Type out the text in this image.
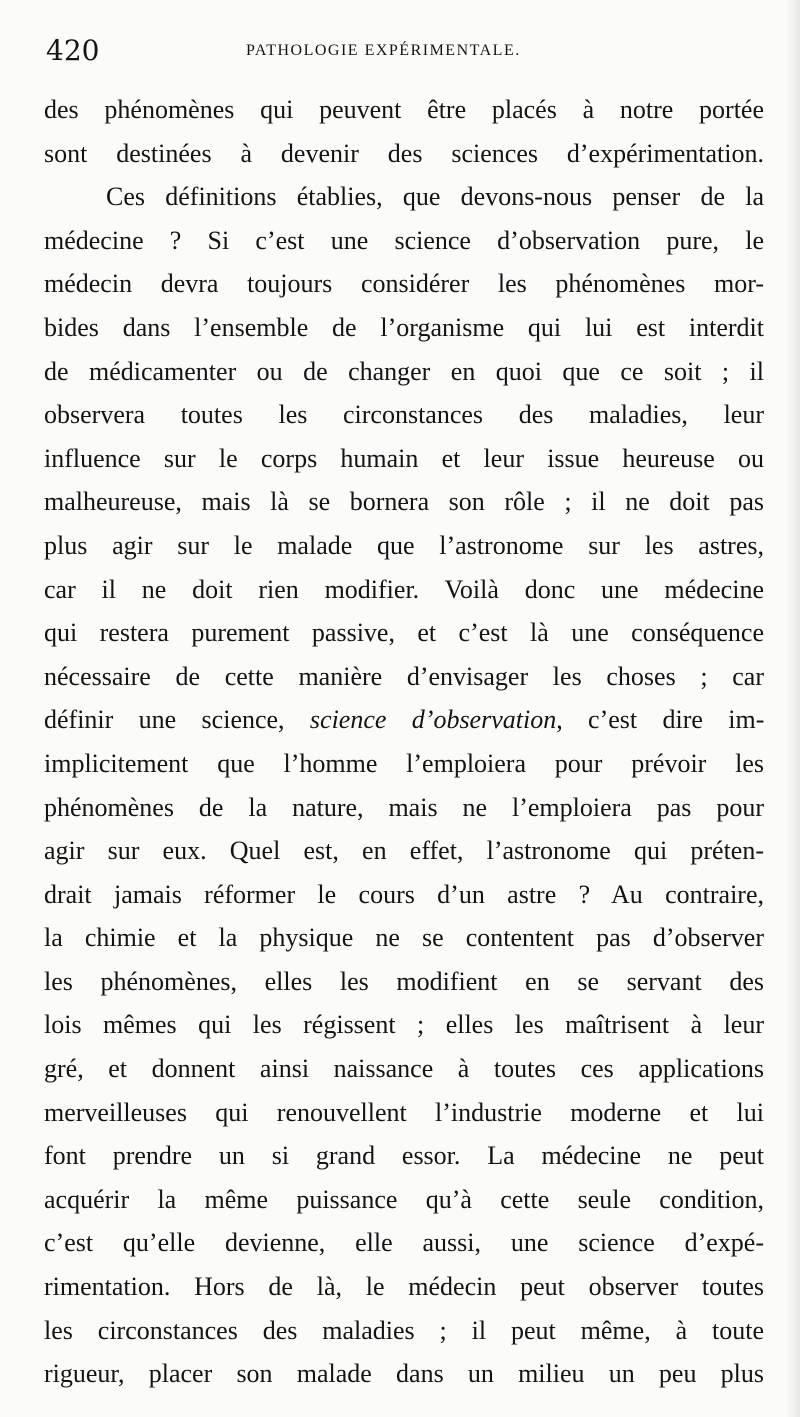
420	PATHOLOGIE EXPÉRIMENTALE.
des phénomènes qui peuvent être placés à notre portée
sont destinées à devenir des sciences d’expérimentation.
Ces définitions établies, que devons-nous penser de la
médecine ? Si c’est une science d’observation pure, le
médecin devra toujours considérer les phénomènes mor-
bides dans l’ensemble de l’organisme qui lui est interdit
de médicamenter ou de changer en quoi que ce soit ; il
observera toutes les circonstances des maladies, leur
influence sur le corps humain et leur issue heureuse ou
malheureuse, mais là se bornera son rôle ; il ne doit pas
plus agir sur le malade que l’astronome sur les astres,
car il ne doit rien modifier. Voilà donc une médecine
qui restera purement passive, et c’est là une conséquence
nécessaire de cette manière d’envisager les choses ; car
définir une science, science d’observation, c’est dire im-
implicitement que l’homme l’emploiera pour prévoir les
phénomènes de la nature, mais ne l’emploiera pas pour
agir sur eux. Quel est, en effet, l’astronome qui préten-
drait jamais réformer le cours d’un astre ? Au contraire,
la chimie et la physique ne se contentent pas d’observer
les phénomènes, elles les modifient en se servant des
lois mêmes qui les régissent ; elles les maîtrisent à leur
gré, et donnent ainsi naissance à toutes ces applications
merveilleuses qui renouvellent l’industrie moderne et lui
font prendre un si grand essor. La médecine ne peut
acquérir la même puissance qu’à cette seule condition,
c’est qu’elle devienne, elle aussi, une science d’expé-
rimentation. Hors de là, le médecin peut observer toutes
les circonstances des maladies ; il peut même, à toute
rigueur, placer son malade dans un milieu un peu plus
